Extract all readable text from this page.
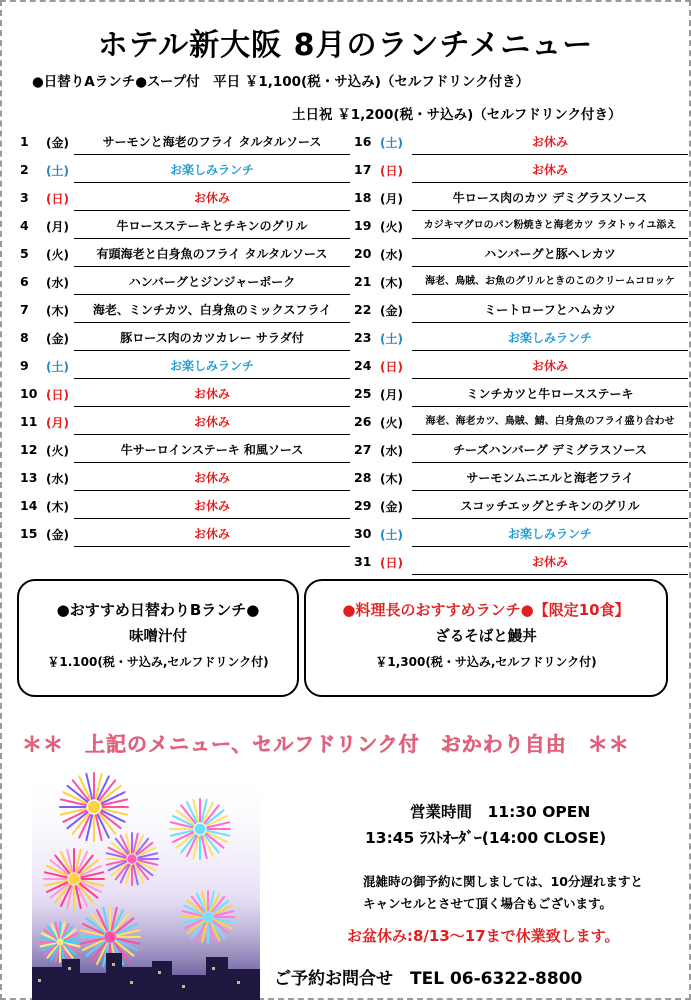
ホテル新大阪 8月のランチメニュー
●日替りAランチ●スープ付　平日 ￥1,100(税・サ込み)（セルフドリンク付き）
土日祝 ￥1,200(税・サ込み)（セルフドリンク付き）
1	(金)	サーモンと海老のフライ タルタルソース
2	(土)	お楽しみランチ
3	(日)	お休み
4	(月)	牛ロースステーキとチキンのグリル
5	(火)	有頭海老と白身魚のフライ タルタルソース
6	(水)	ハンバーグとジンジャーポーク
7	(木)	海老、ミンチカツ、白身魚のミックスフライ
8	(金)	豚ロース肉のカツカレー サラダ付
9	(土)	お楽しみランチ
10 (日)	お休み
11 (月)	お休み
12 (火)	牛サーロインステーキ 和風ソース
13 (水)	お休み
14 (木)	お休み
15 (金)	お休み
16 (土)	お休み
17 (日)	お休み
18 (月)	牛ロース肉のカツ デミグラスソース
19 (火)	カジキマグロのパン粉焼きと海老カツ ラタトゥイユ添え
20 (水)	ハンバーグと豚ヘレカツ
21 (木)	海老、鳥賊、お魚のグリルときのこのクリームコロッケ
22 (金)	ミートローフとハムカツ
23 (土)	お楽しみランチ
24 (日)	お休み
25 (月)	ミンチカツと牛ロースステーキ
26 (火)	海老、海老カツ、鳥賊、鯖、白身魚のフライ盛り合わせ
27 (水)	チーズハンバーグ デミグラスソース
28 (木)	サーモンムニエルと海老フライ
29 (金)	スコッチエッグとチキンのグリル
30 (土)	お楽しみランチ
31 (日)	お休み
●おすすめ日替わりBランチ●
味噌汁付
￥1.100(税・サ込み,セルフドリンク付)
●料理長のおすすめランチ●【限定10食】
ざるそばと鰻丼
￥1,300(税・サ込み,セルフドリンク付)
＊＊　上記のメニュー、セルフドリンク付　おかわり自由　＊＊
営業時間　11:30 OPEN
13:45 ﾗｽﾄｵｰﾀﾞｰ(14:00 CLOSE)
混雑時の御予約に関しましては、10分遅れますと
キャンセルとさせて頂く場合もございます。
お盆休み:8/13～17まで休業致します。
ご予約お問合せ　TEL 06-6322-8800
